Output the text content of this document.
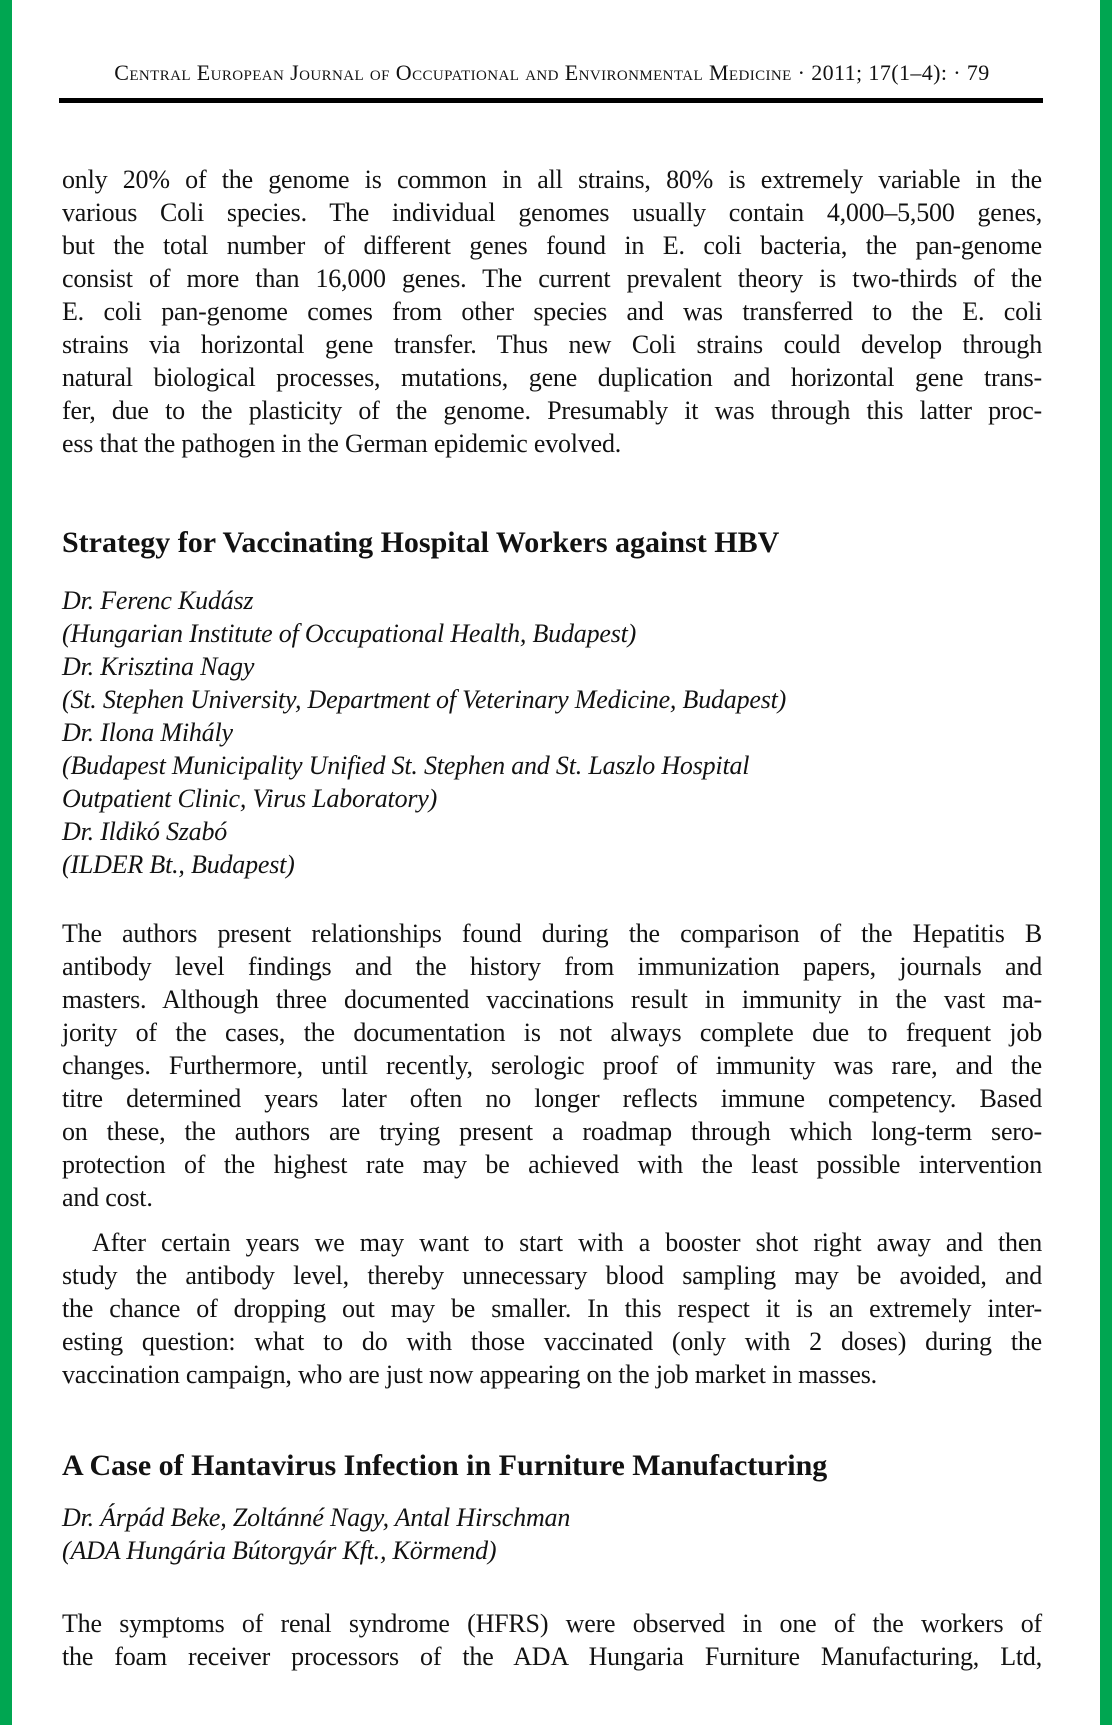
Central European Journal of Occupational and Environmental Medicine · 2011; 17(1–4): · 79
only 20% of the genome is common in all strains, 80% is extremely variable in the
various Coli species. The individual genomes usually contain 4,000–5,500 genes,
but the total number of different genes found in E. coli bacteria, the pan-genome
consist of more than 16,000 genes. The current prevalent theory is two-thirds of the
E. coli pan-genome comes from other species and was transferred to the E. coli
strains via horizontal gene transfer. Thus new Coli strains could develop through
natural biological processes, mutations, gene duplication and horizontal gene trans-
fer, due to the plasticity of the genome. Presumably it was through this latter proc-
ess that the pathogen in the German epidemic evolved.
Strategy for Vaccinating Hospital Workers against HBV
Dr. Ferenc Kudász
(Hungarian Institute of Occupational Health, Budapest)
Dr. Krisztina Nagy
(St. Stephen University, Department of Veterinary Medicine, Budapest)
Dr. Ilona Mihály
(Budapest Municipality Unified St. Stephen and St. Laszlo Hospital
Outpatient Clinic, Virus Laboratory)
Dr. Ildikó Szabó
(ILDER Bt., Budapest)
The authors present relationships found during the comparison of the Hepatitis B
antibody level findings and the history from immunization papers, journals and
masters. Although three documented vaccinations result in immunity in the vast ma-
jority of the cases, the documentation is not always complete due to frequent job
changes. Furthermore, until recently, serologic proof of immunity was rare, and the
titre determined years later often no longer reflects immune competency. Based
on these, the authors are trying present a roadmap through which long-term sero-
protection of the highest rate may be achieved with the least possible intervention
and cost.
After certain years we may want to start with a booster shot right away and then
study the antibody level, thereby unnecessary blood sampling may be avoided, and
the chance of dropping out may be smaller. In this respect it is an extremely inter-
esting question: what to do with those vaccinated (only with 2 doses) during the
vaccination campaign, who are just now appearing on the job market in masses.
A Case of Hantavirus Infection in Furniture Manufacturing
Dr. Árpád Beke, Zoltánné Nagy, Antal Hirschman
(ADA Hungária Bútorgyár Kft., Körmend)
The symptoms of renal syndrome (HFRS) were observed in one of the workers of
the foam receiver processors of the ADA Hungaria Furniture Manufacturing, Ltd,
